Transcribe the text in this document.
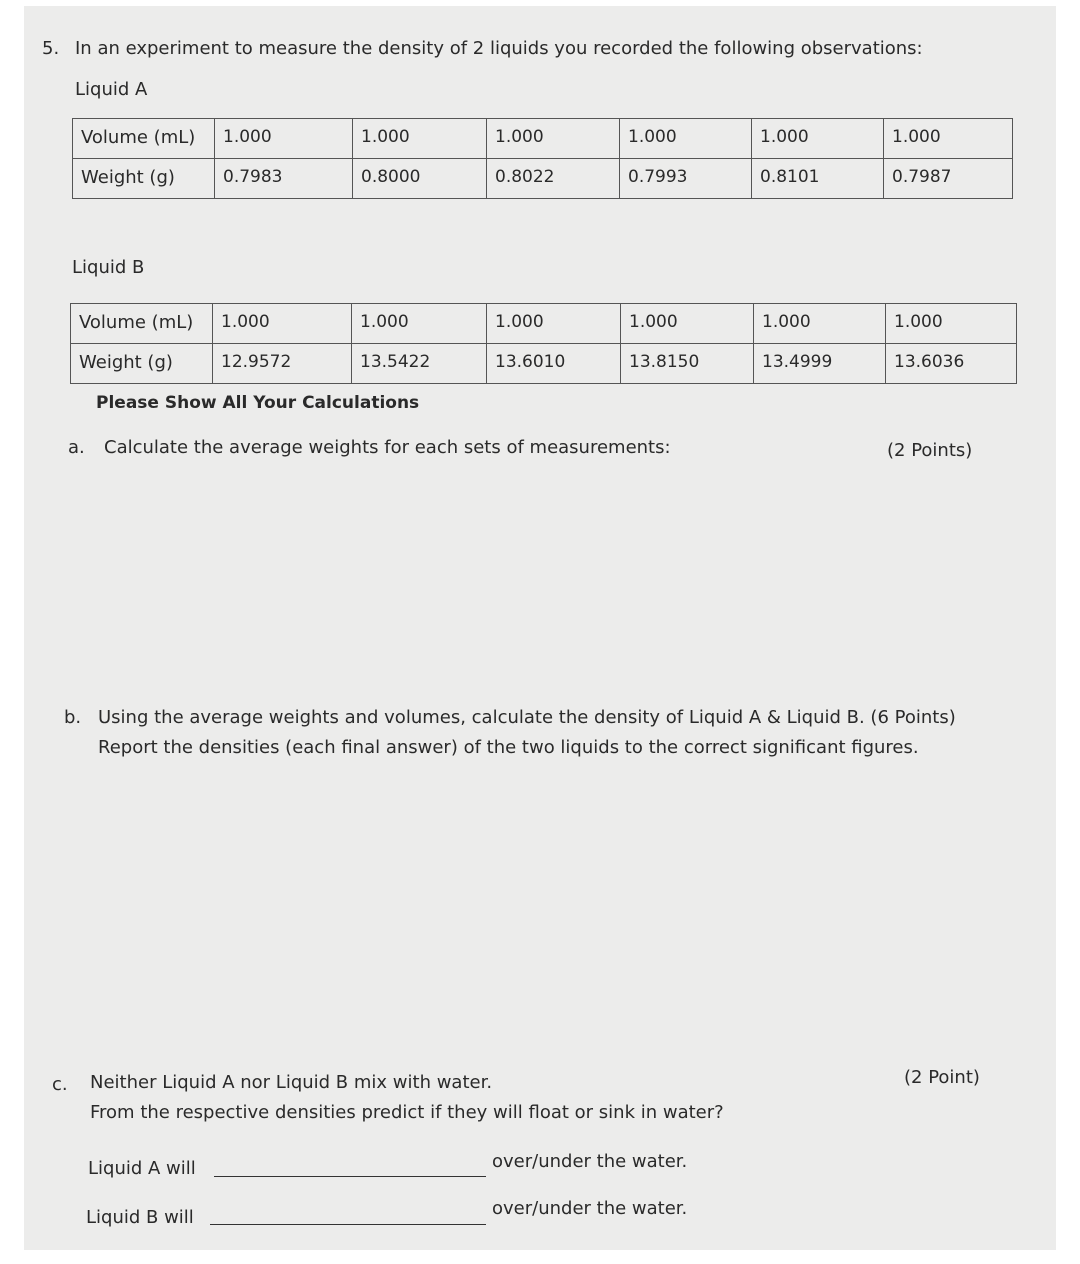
5. In an experiment to measure the density of 2 liquids you recorded the following observations:
Liquid A
Volume (mL)	1.000	1.000	1.000	1.000	1.000	1.000
Weight (g)	0.7983	0.8000	0.8022	0.7993	0.8101	0.7987
Liquid B
Volume (mL)	1.000	1.000	1.000	1.000	1.000	1.000
Weight (g)	12.9572	13.5422	13.6010	13.8150	13.4999	13.6036
Please Show All Your Calculations
a. Calculate the average weights for each sets of measurements:	(2 Points)
b. Using the average weights and volumes, calculate the density of Liquid A & Liquid B. (6 Points)
Report the densities (each final answer) of the two liquids to the correct significant figures.
c. Neither Liquid A nor Liquid B mix with water.
From the respective densities predict if they will float or sink in water?
(2 Point)
Liquid A will	over/under the water.
Liquid B will	over/under the water.
